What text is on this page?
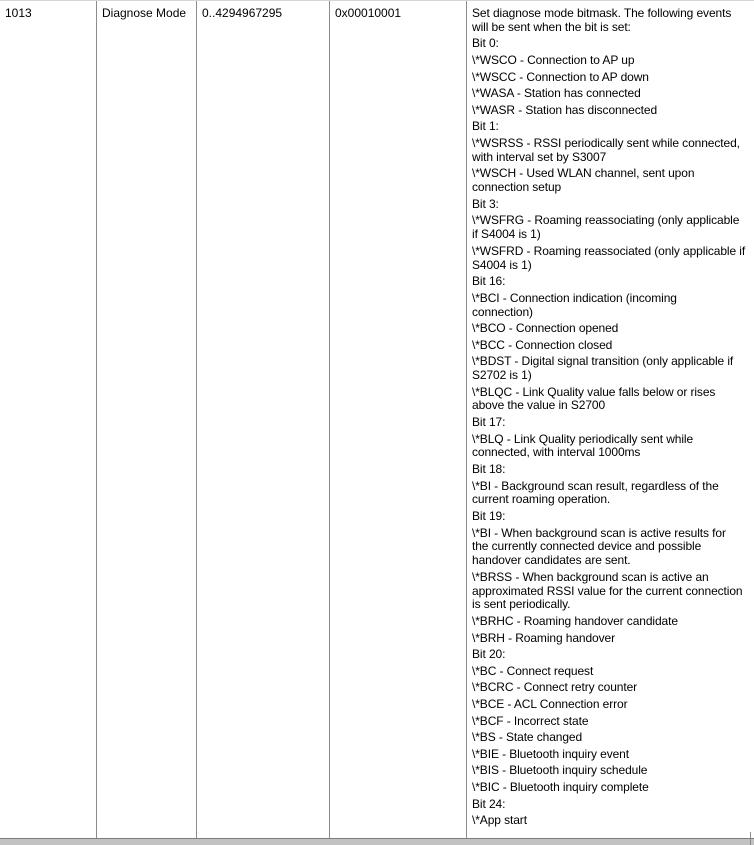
1013	Diagnose Mode	0..4294967295	0x00010001	Set diagnose mode bitmask. The following events
will be sent when the bit is set:

Bit 0:

\*WSCO - Connection to AP up

\*WSCC - Connection to AP down

\*WASA - Station has connected

\*WASR - Station has disconnected

Bit 1:

\*WSRSS - RSSI periodically sent while connected,
with interval set by S3007

\*WSCH - Used WLAN channel, sent upon
connection setup

Bit 3:

\*WSFRG - Roaming reassociating (only applicable
if S4004 is 1)

\*WSFRD - Roaming reassociated (only applicable if
S4004 is 1)

Bit 16:

\*BCI - Connection indication (incoming
connection)

\*BCO - Connection opened

\*BCC - Connection closed

\*BDST - Digital signal transition (only applicable if
S2702 is 1)

\*BLQC - Link Quality value falls below or rises
above the value in S2700

Bit 17:

\*BLQ - Link Quality periodically sent while
connected, with interval 1000ms

Bit 18:

\*BI - Background scan result, regardless of the
current roaming operation.

Bit 19:

\*BI - When background scan is active results for
the currently connected device and possible
handover candidates are sent.

\*BRSS - When background scan is active an
approximated RSSI value for the current connection
is sent periodically.

\*BRHC - Roaming handover candidate

\*BRH - Roaming handover

Bit 20:

\*BC - Connect request

\*BCRC - Connect retry counter

\*BCE - ACL Connection error

\*BCF - Incorrect state

\*BS - State changed

\*BIE - Bluetooth inquiry event

\*BIS - Bluetooth inquiry schedule

\*BIC - Bluetooth inquiry complete

Bit 24:

\*App start
